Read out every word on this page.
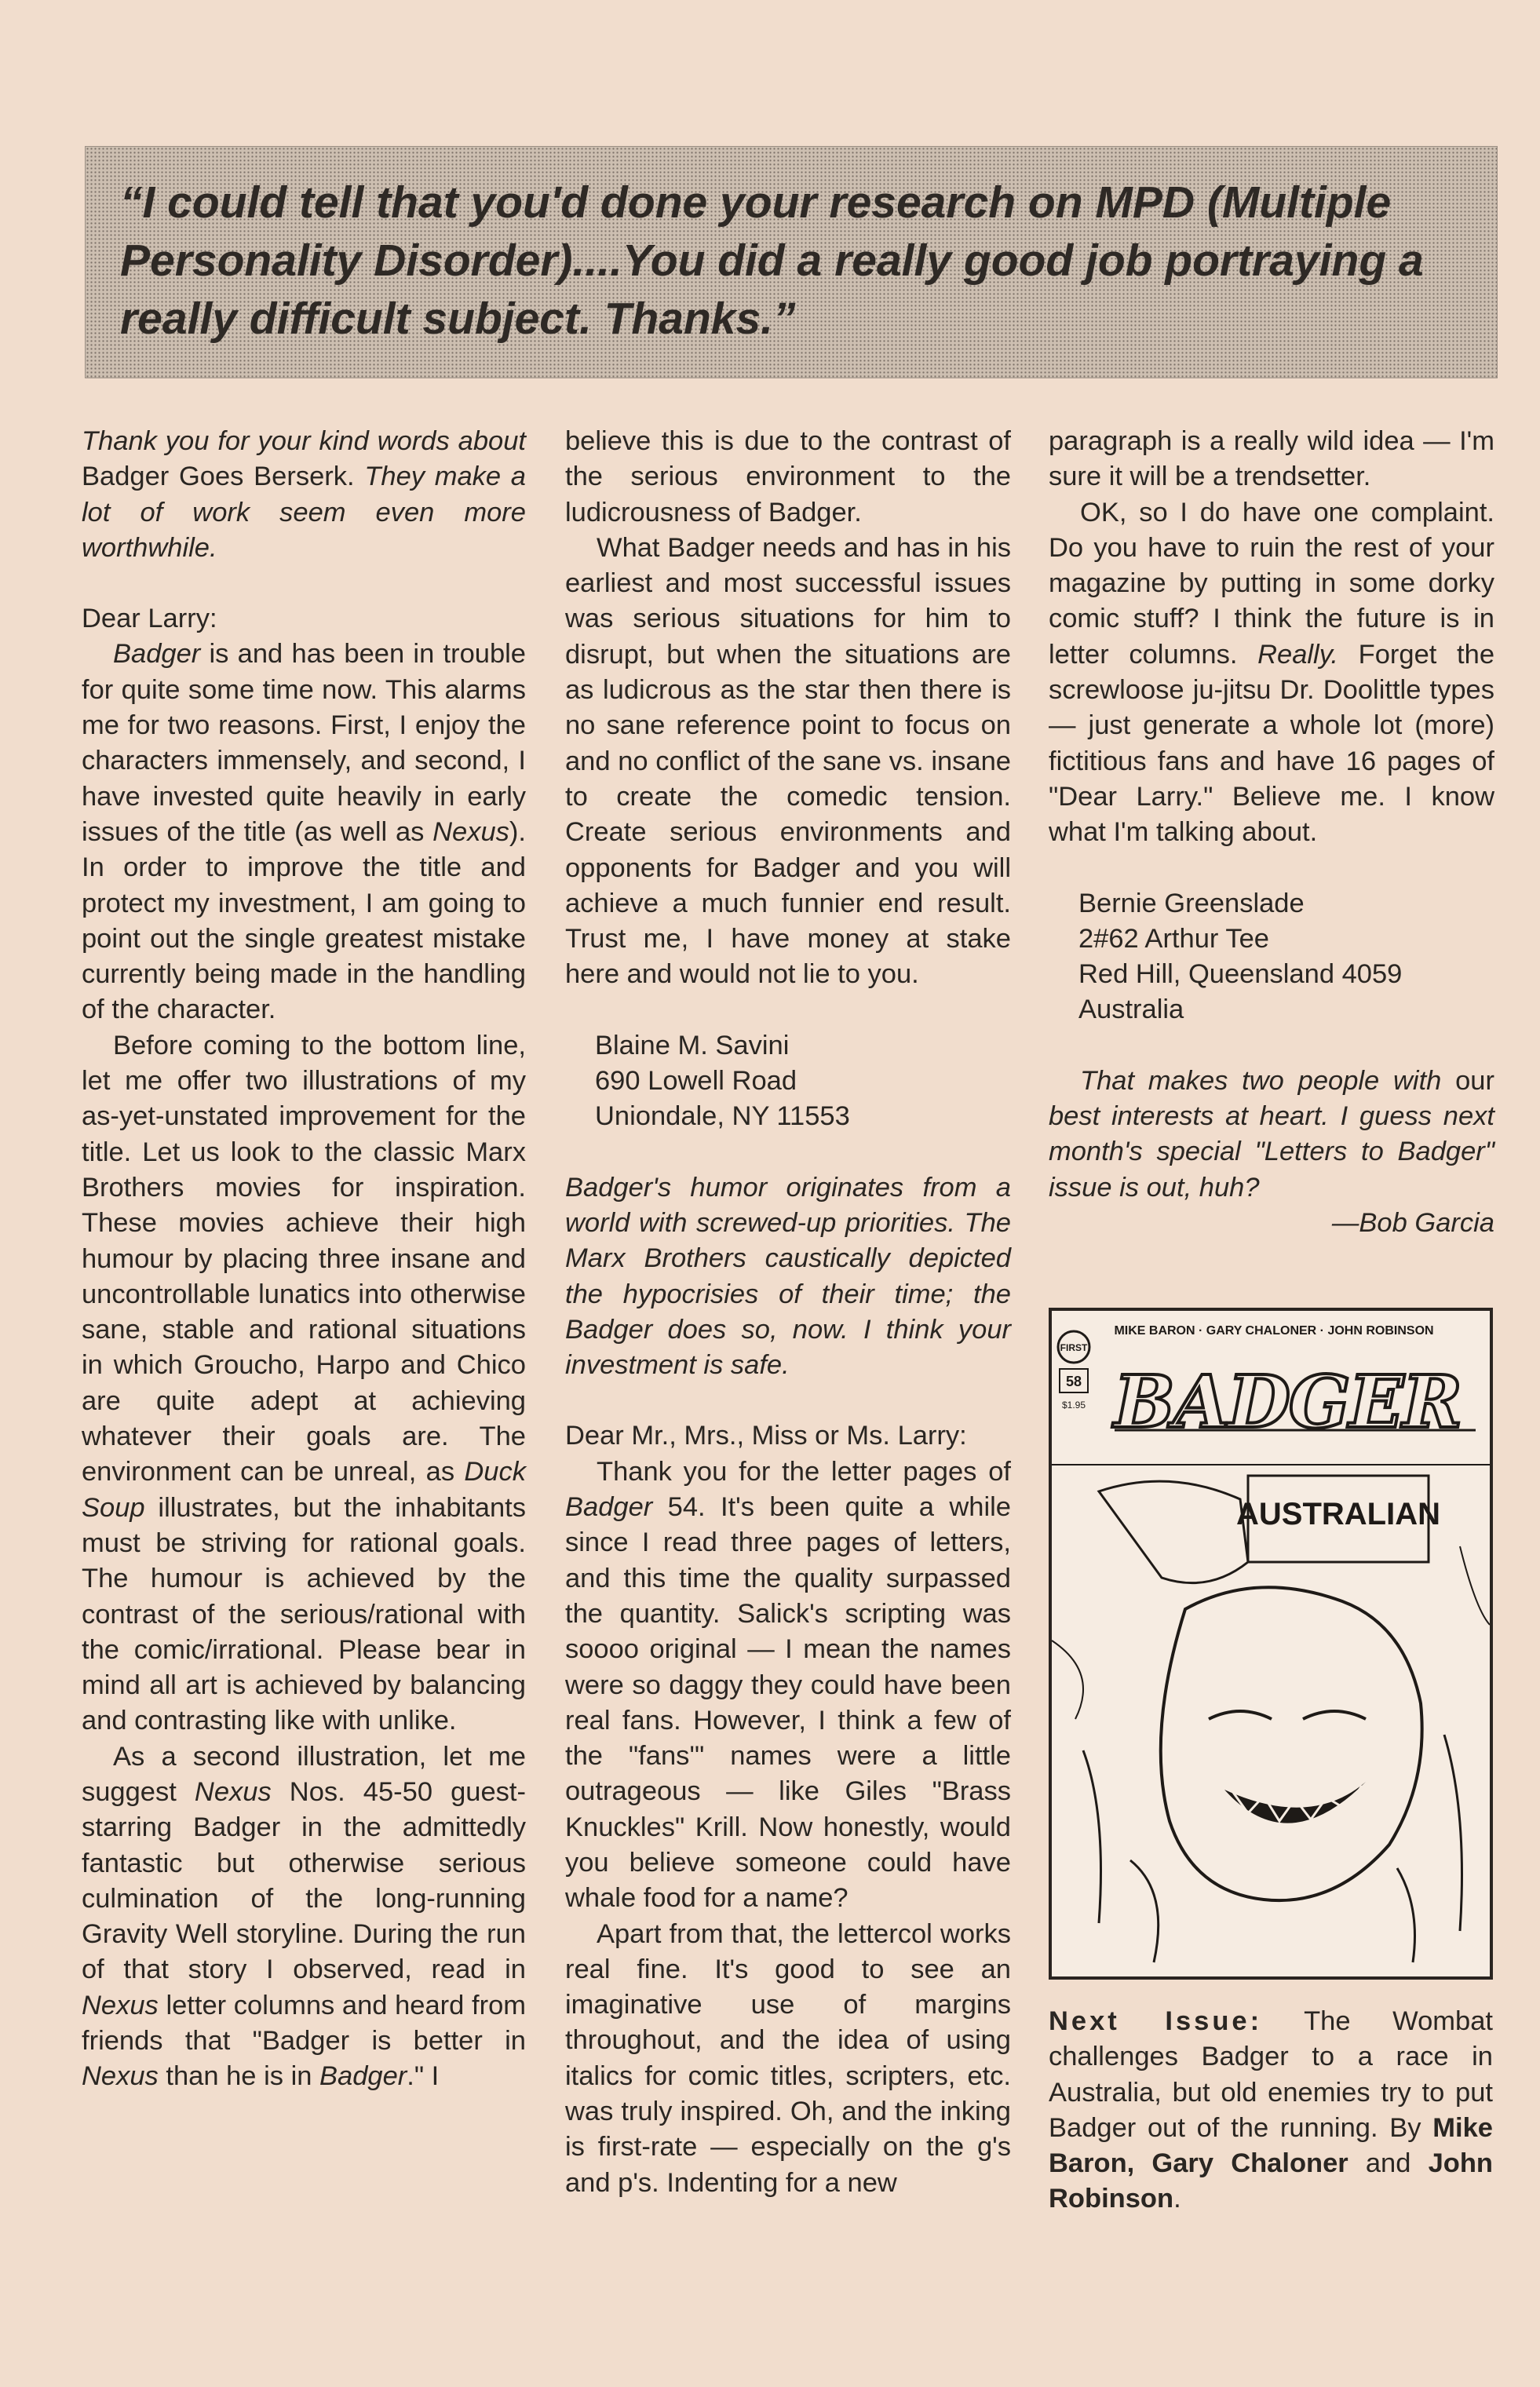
“I could tell that you'd done your research on MPD (Multiple Personality Disorder)....You did a really good job portraying a really difficult subject. Thanks.”

Thank you for your kind words about Badger Goes Berserk. They make a lot of work seem even more worthwhile.

Dear Larry:

Badger is and has been in trouble for quite some time now. This alarms me for two reasons. First, I enjoy the characters immensely, and second, I have invested quite heavily in early issues of the title (as well as Nexus). In order to improve the title and protect my investment, I am going to point out the single greatest mistake currently being made in the handling of the character.

Before coming to the bottom line, let me offer two illustrations of my as-yet-unstated improvement for the title. Let us look to the classic Marx Brothers movies for inspiration. These movies achieve their high humour by placing three insane and uncontrollable lunatics into otherwise sane, stable and rational situations in which Groucho, Harpo and Chico are quite adept at achieving whatever their goals are. The environment can be unreal, as Duck Soup illustrates, but the inhabitants must be striving for rational goals. The humour is achieved by the contrast of the serious/rational with the comic/irrational. Please bear in mind all art is achieved by balancing and contrasting like with unlike.

As a second illustration, let me suggest Nexus Nos. 45-50 guest-starring Badger in the admittedly fantastic but otherwise serious culmination of the long-running Gravity Well storyline. During the run of that story I observed, read in Nexus letter columns and heard from friends that "Badger is better in Nexus than he is in Badger." I

believe this is due to the contrast of the serious environment to the ludicrousness of Badger.

What Badger needs and has in his earliest and most successful issues was serious situations for him to disrupt, but when the situations are as ludicrous as the star then there is no sane reference point to focus on and no conflict of the sane vs. insane to create the comedic tension. Create serious environments and opponents for Badger and you will achieve a much funnier end result. Trust me, I have money at stake here and would not lie to you.

Blaine M. Savini

690 Lowell Road

Uniondale, NY 11553

Badger's humor originates from a world with screwed-up priorities. The Marx Brothers caustically depicted the hypocrisies of their time; the Badger does so, now. I think your investment is safe.

Dear Mr., Mrs., Miss or Ms. Larry:

Thank you for the letter pages of Badger 54. It's been quite a while since I read three pages of letters, and this time the quality surpassed the quantity. Salick's scripting was soooo original — I mean the names were so daggy they could have been real fans. However, I think a few of the "fans'" names were a little outrageous — like Giles "Brass Knuckles" Krill. Now honestly, would you believe someone could have whale food for a name?

Apart from that, the lettercol works real fine. It's good to see an imaginative use of margins throughout, and the idea of using italics for comic titles, scripters, etc. was truly inspired. Oh, and the inking is first-rate — especially on the g's and p's. Indenting for a new

paragraph is a really wild idea — I'm sure it will be a trendsetter.

OK, so I do have one complaint. Do you have to ruin the rest of your magazine by putting in some dorky comic stuff? I think the future is in letter columns. Really. Forget the screwloose ju-jitsu Dr. Doolittle types — just generate a whole lot (more) fictitious fans and have 16 pages of "Dear Larry." Believe me. I know what I'm talking about.

Bernie Greenslade

2#62 Arthur Tee

Red Hill, Queensland 4059

Australia

That makes two people with our best interests at heart. I guess next month's special "Letters to Badger" issue is out, huh?

—Bob Garcia

MIKE BARON · GARY CHALONER · JOHN ROBINSON
FIRST
58
$1.95 BADGER
AUSTRALIAN
Next Issue: The Wombat challenges Badger to a race in Australia, but old enemies try to put Badger out of the running. By Mike Baron, Gary Chaloner and John Robinson.
